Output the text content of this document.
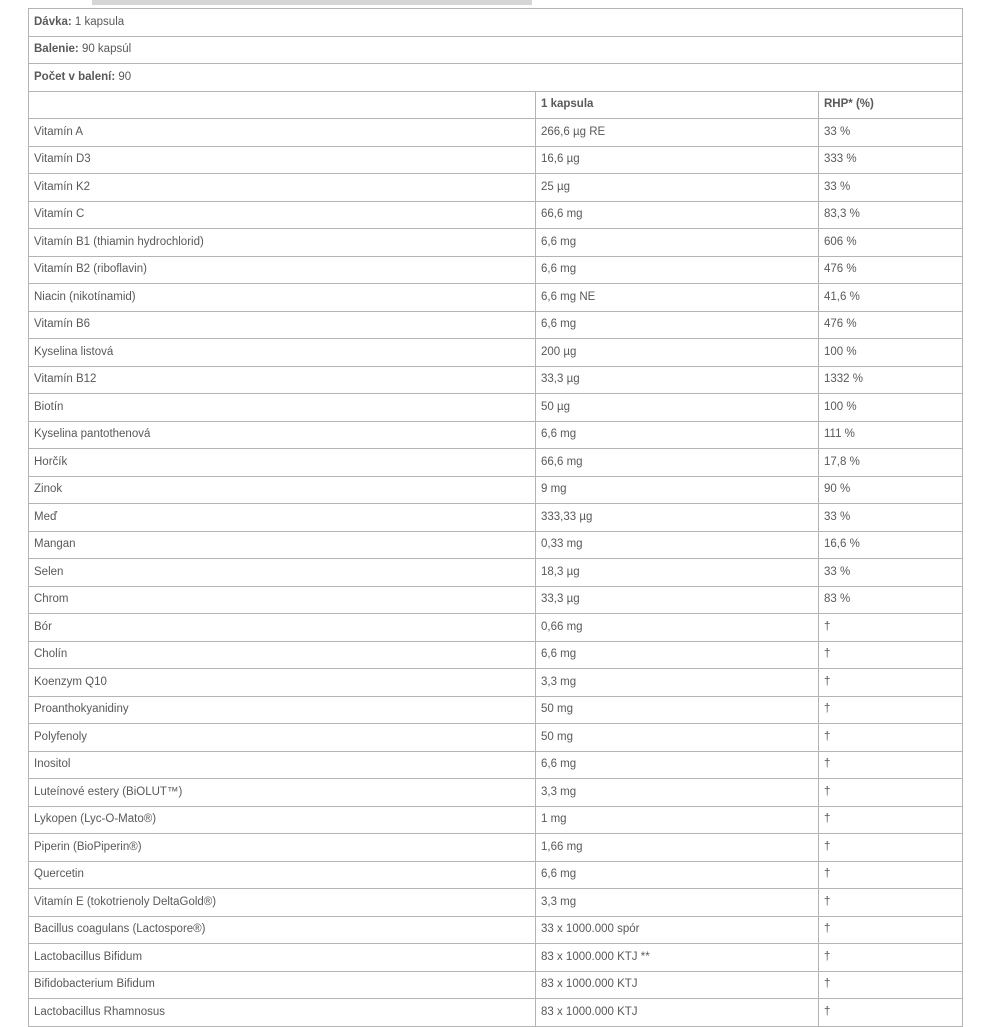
Dávka: 1 kapsula		
Balenie: 90 kapsúl		
Počet v balení: 90		
	1 kapsula	RHP* (%)
Vitamín A	266,6 µg RE	33 %
Vitamín D3	16,6 µg	333 %
Vitamín K2	25 µg	33 %
Vitamín C	66,6 mg	83,3 %
Vitamín B1 (thiamin hydrochlorid)	6,6 mg	606 %
Vitamín B2 (riboflavin)	6,6 mg	476 %
Niacin (nikotínamid)	6,6 mg NE	41,6 %
Vitamín B6	6,6 mg	476 %
Kyselina listová	200 µg	100 %
Vitamín B12	33,3 µg	1332 %
Biotín	50 µg	100 %
Kyselina pantothenová	6,6 mg	111 %
Horčík	66,6 mg	17,8 %
Zinok	9 mg	90 %
Meď	333,33 µg	33 %
Mangan	0,33 mg	16,6 %
Selen	18,3 µg	33 %
Chrom	33,3 µg	83 %
Bór	0,66 mg	†
Cholín	6,6 mg	†
Koenzym Q10	3,3 mg	†
Proanthokyanidiny	50 mg	†
Polyfenoly	50 mg	†
Inositol	6,6 mg	†
Luteínové estery (BiOLUT™)	3,3 mg	†
Lykopen (Lyc-O-Mato®)	1 mg	†
Piperin (BioPiperin®)	1,66 mg	†
Quercetin	6,6 mg	†
Vitamín E (tokotrienoly DeltaGold®)	3,3 mg	†
Bacillus coagulans (Lactospore®)	33 x 1000.000 spór	†
Lactobacillus Bifidum	83 x 1000.000 KTJ **	†
Bifidobacterium Bifidum	83 x 1000.000 KTJ	†
Lactobacillus Rhamnosus	83 x 1000.000 KTJ	†
